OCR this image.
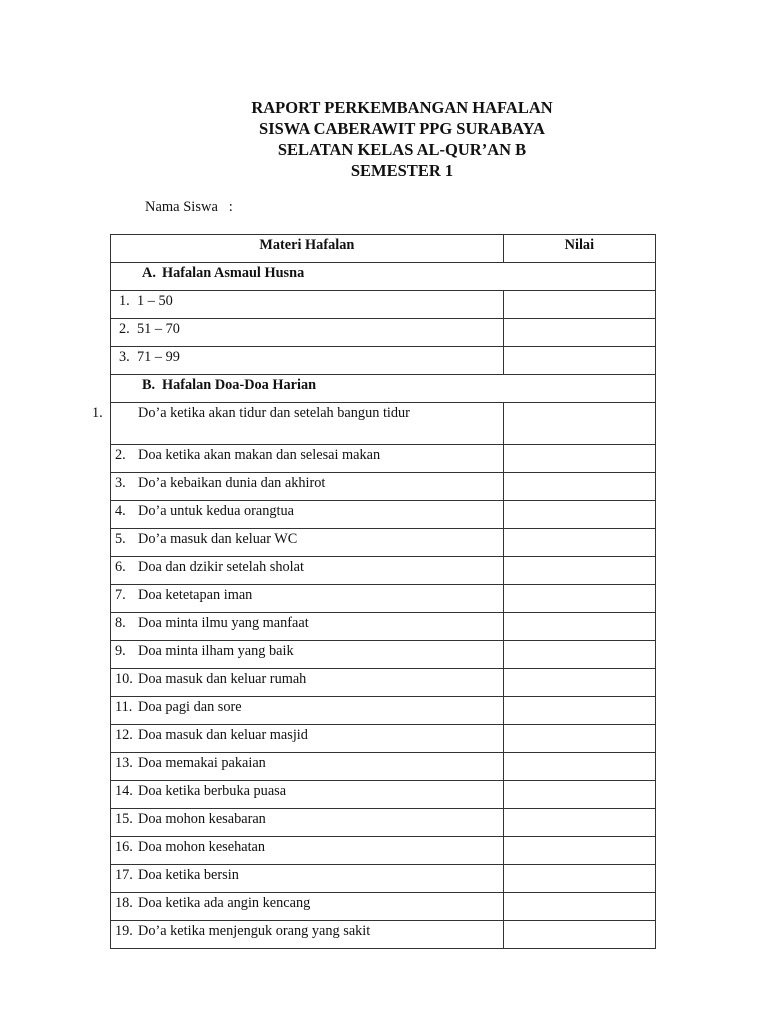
RAPORT PERKEMBANGAN HAFALAN
SISWA CABERAWIT PPG SURABAYA
SELATAN KELAS AL-QUR’AN B
SEMESTER 1
Nama Siswa   :
Materi Hafalan	Nilai
A. Hafalan Asmaul Husna	
1. 1 – 50	
2. 51 – 70	
3. 71 – 99	
B. Hafalan Doa-Doa Harian	

1. Do’a ketika akan tidur dan setelah bangun tidur	

2. Doa ketika akan makan dan selesai makan	
3. Do’a kebaikan dunia dan akhirot	
4. Do’a untuk kedua orangtua	
5. Do’a masuk dan keluar WC	
6. Doa dan dzikir setelah sholat	
7. Doa ketetapan iman	
8. Doa minta ilmu yang manfaat	
9. Doa minta ilham yang baik	
10. Doa masuk dan keluar rumah	
11. Doa pagi dan sore	
12. Doa masuk dan keluar masjid	
13. Doa memakai pakaian	
14. Doa ketika berbuka puasa	
15. Doa mohon kesabaran	
16. Doa mohon kesehatan	
17. Doa ketika bersin	
18. Doa ketika ada angin kencang	
19. Do’a ketika menjenguk orang yang sakit	
